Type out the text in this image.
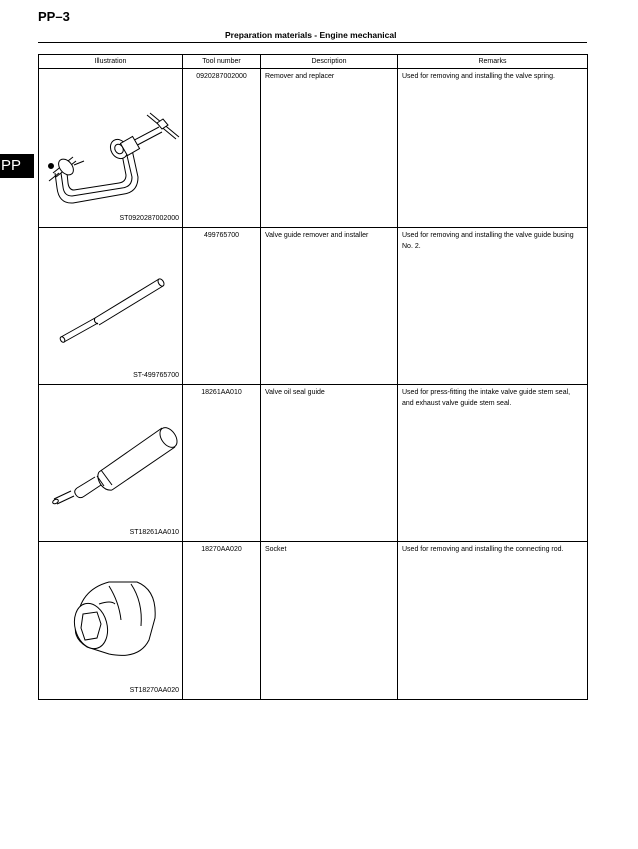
PP–3
Preparation materials - Engine mechanical
PP
Illustration	Tool number	Description	Remarks

ST0920287002000	0920287002000	Remover and replacer	Used for removing and installing the valve spring.

ST-499765700	499765700	Valve guide remover and installer	Used for removing and installing the valve guide busing No. 2.

ST18261AA010	18261AA010	Valve oil seal guide	Used for press-fitting the intake valve guide stem seal, and exhaust valve guide stem seal.

ST18270AA020	18270AA020	Socket	Used for removing and installing the connecting rod.
